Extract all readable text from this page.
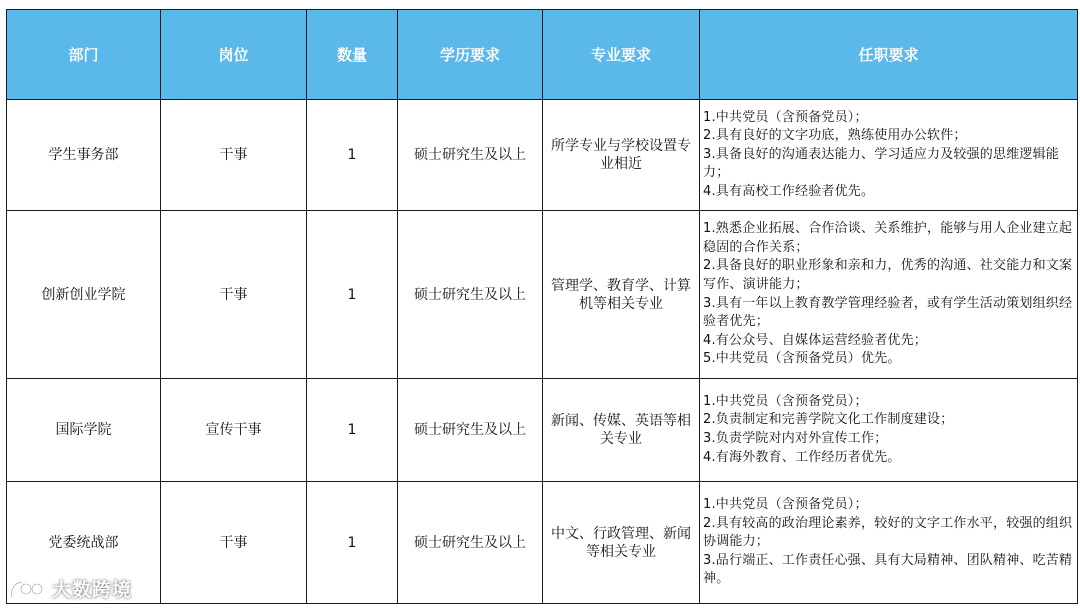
部门	岗位	数量	学历要求	专业要求	任职要求
学生事务部	干事	1	硕士研究生及以上	所学专业与学校设置专业相近	1.中共党员（含预备党员）；
2.具有良好的文字功底，熟练使用办公软件；
3.具备良好的沟通表达能力、学习适应力及较强的思维逻辑能力；
4.具有高校工作经验者优先。

创新创业学院	干事	1	硕士研究生及以上	管理学、教育学、计算机等相关专业	1.熟悉企业拓展、合作洽谈、关系维护，能够与用人企业建立起稳固的合作关系；
2.具备良好的职业形象和亲和力，优秀的沟通、社交能力和文案写作、演讲能力；
3.具有一年以上教育教学管理经验者，或有学生活动策划组织经验者优先；
4.有公众号、自媒体运营经验者优先；
5.中共党员（含预备党员）优先。

国际学院	宣传干事	1	硕士研究生及以上	新闻、传媒、英语等相关专业	1.中共党员（含预备党员）；
2.负责制定和完善学院文化工作制度建设；
3.负责学院对内对外宣传工作；
4.有海外教育、工作经历者优先。

党委统战部	干事	1	硕士研究生及以上	中文、行政管理、新闻等相关专业	1.中共党员（含预备党员）；
2.具有较高的政治理论素养，较好的文字工作水平，较强的组织协调能力；
3.品行端正、工作责任心强、具有大局精神、团队精神、吃苦精神。
大数跨境
